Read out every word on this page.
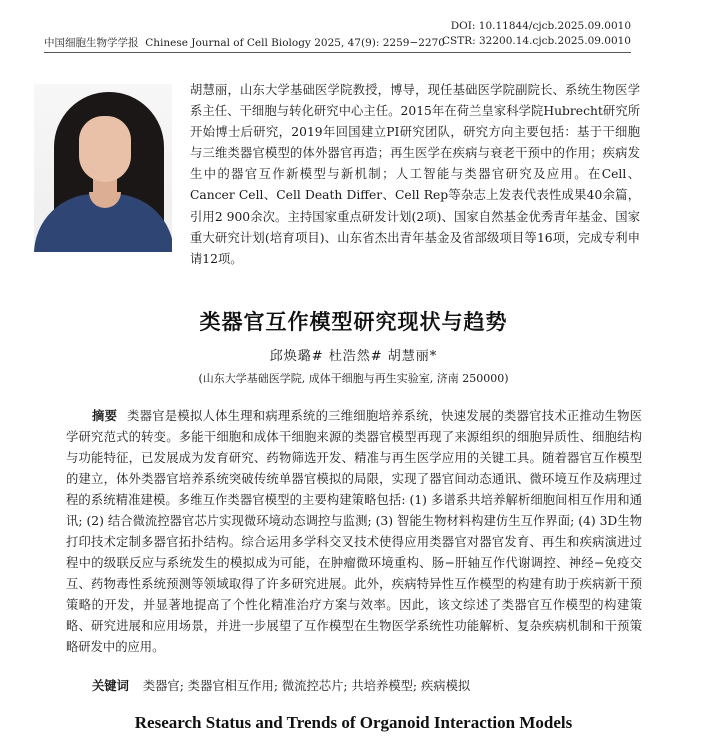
中国细胞生物学学报 Chinese Journal of Cell Biology 2025, 47(9): 2259−2270
DOI: 10.11844/cjcb.2025.09.0010
CSTR: 32200.14.cjcb.2025.09.0010

胡慧丽，山东大学基础医学院教授，博导，现任基础医学院副院长、系统生物医学系主任、干细胞与转化研究中心主任。2015年在荷兰皇家科学院Hubrecht研究所开始博士后研究，2019年回国建立PI研究团队，研究方向主要包括：基于干细胞与三维类器官模型的体外器官再造；再生医学在疾病与衰老干预中的作用；疾病发生中的器官互作新模型与新机制；人工智能与类器官研究及应用。在Cell、Cancer Cell、Cell Death Differ、Cell Rep等杂志上发表代表性成果40余篇，引用2 900余次。主持国家重点研发计划(2项)、国家自然基金优秀青年基金、国家重大研究计划(培育项目)、山东省杰出青年基金及省部级项目等16项，完成专利申请12项。

类器官互作模型研究现状与趋势
邱焕璐# 杜浩然# 胡慧丽*
(山东大学基础医学院, 成体干细胞与再生实验室, 济南 250000)

摘要 类器官是模拟人体生理和病理系统的三维细胞培养系统，快速发展的类器官技术正推动生物医学研究范式的转变。多能干细胞和成体干细胞来源的类器官模型再现了来源组织的细胞异质性、细胞结构与功能特征，已发展成为发育研究、药物筛选开发、精准与再生医学应用的关键工具。随着器官互作模型的建立，体外类器官培养系统突破传统单器官模拟的局限，实现了器官间动态通讯、微环境互作及病理过程的系统精准建模。多维互作类器官模型的主要构建策略包括: (1) 多谱系共培养解析细胞间相互作用和通讯; (2) 结合微流控器官芯片实现微环境动态调控与监测; (3) 智能生物材料构建仿生互作界面; (4) 3D生物打印技术定制多器官拓扑结构。综合运用多学科交叉技术使得应用类器官对器官发育、再生和疾病演进过程中的级联反应与系统发生的模拟成为可能，在肿瘤微环境重构、肠−肝轴互作代谢调控、神经−免疫交互、药物毒性系统预测等领域取得了许多研究进展。此外，疾病特异性互作模型的构建有助于疾病新干预策略的开发，并显著地提高了个性化精准治疗方案与效率。因此，该文综述了类器官互作模型的构建策略、研究进展和应用场景，并进一步展望了互作模型在生物医学系统性功能解析、复杂疾病机制和干预策略研发中的应用。

关键词 类器官; 类器官相互作用; 微流控芯片; 共培养模型; 疾病模拟
Research Status and Trends of Organoid Interaction Models
